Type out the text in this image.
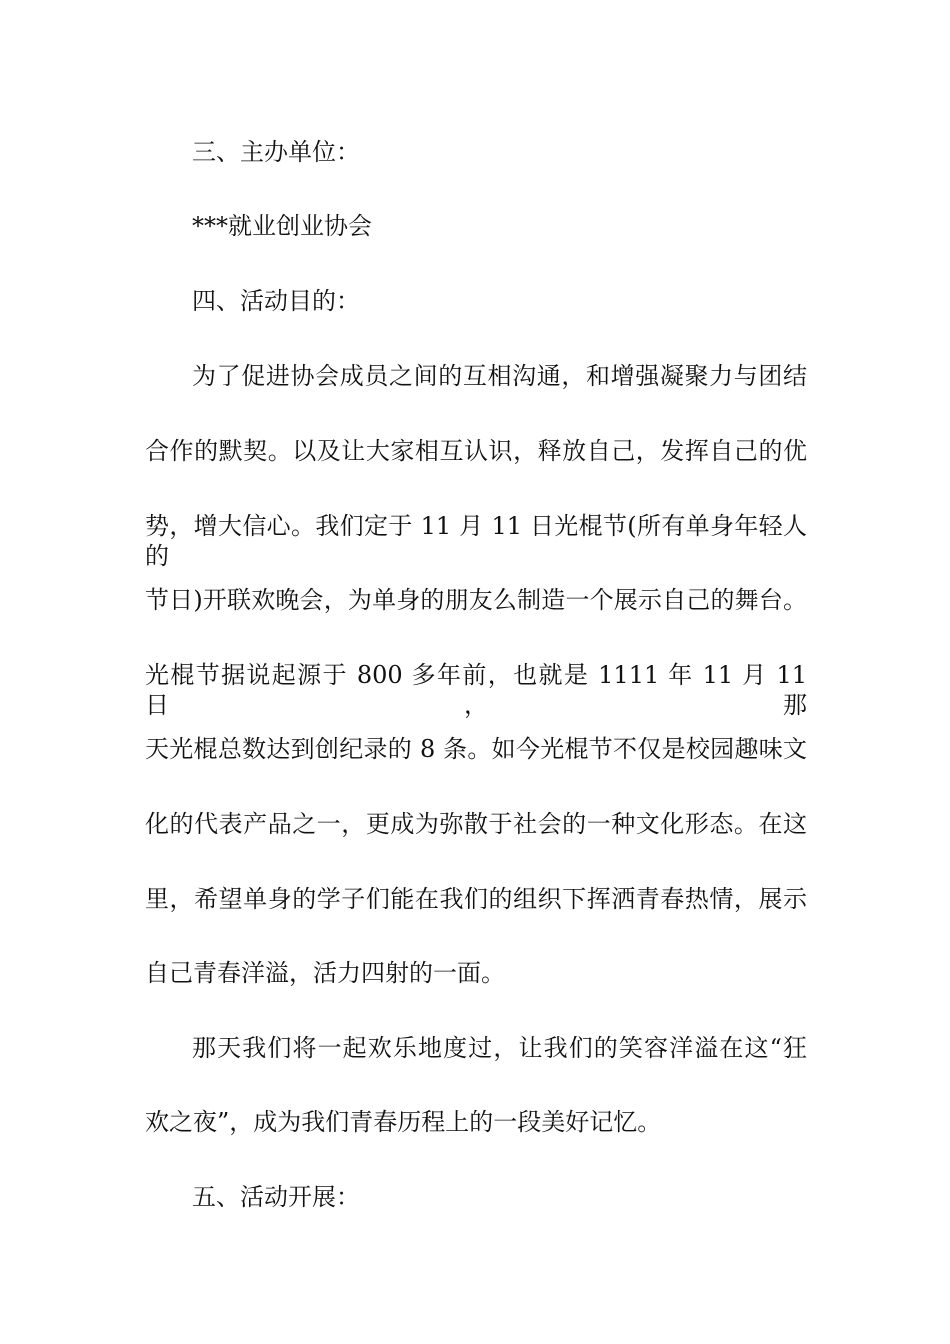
三、主办单位：
***就业创业协会
四、活动目的：
为了促进协会成员之间的互相沟通，和增强凝聚力与团结
合作的默契。以及让大家相互认识，释放自己，发挥自己的优
势，增大信心。我们定于 11 月 11 日光棍节(所有单身年轻人的
节日)开联欢晚会，为单身的朋友么制造一个展示自己的舞台。
光棍节据说起源于 800 多年前，也就是 1111 年 11 月 11 日，那
天光棍总数达到创纪录的 8 条。如今光棍节不仅是校园趣味文
化的代表产品之一，更成为弥散于社会的一种文化形态。在这
里，希望单身的学子们能在我们的组织下挥洒青春热情，展示
自己青春洋溢，活力四射的一面。
那天我们将一起欢乐地度过，让我们的笑容洋溢在这“狂
欢之夜”，成为我们青春历程上的一段美好记忆。
五、活动开展：
